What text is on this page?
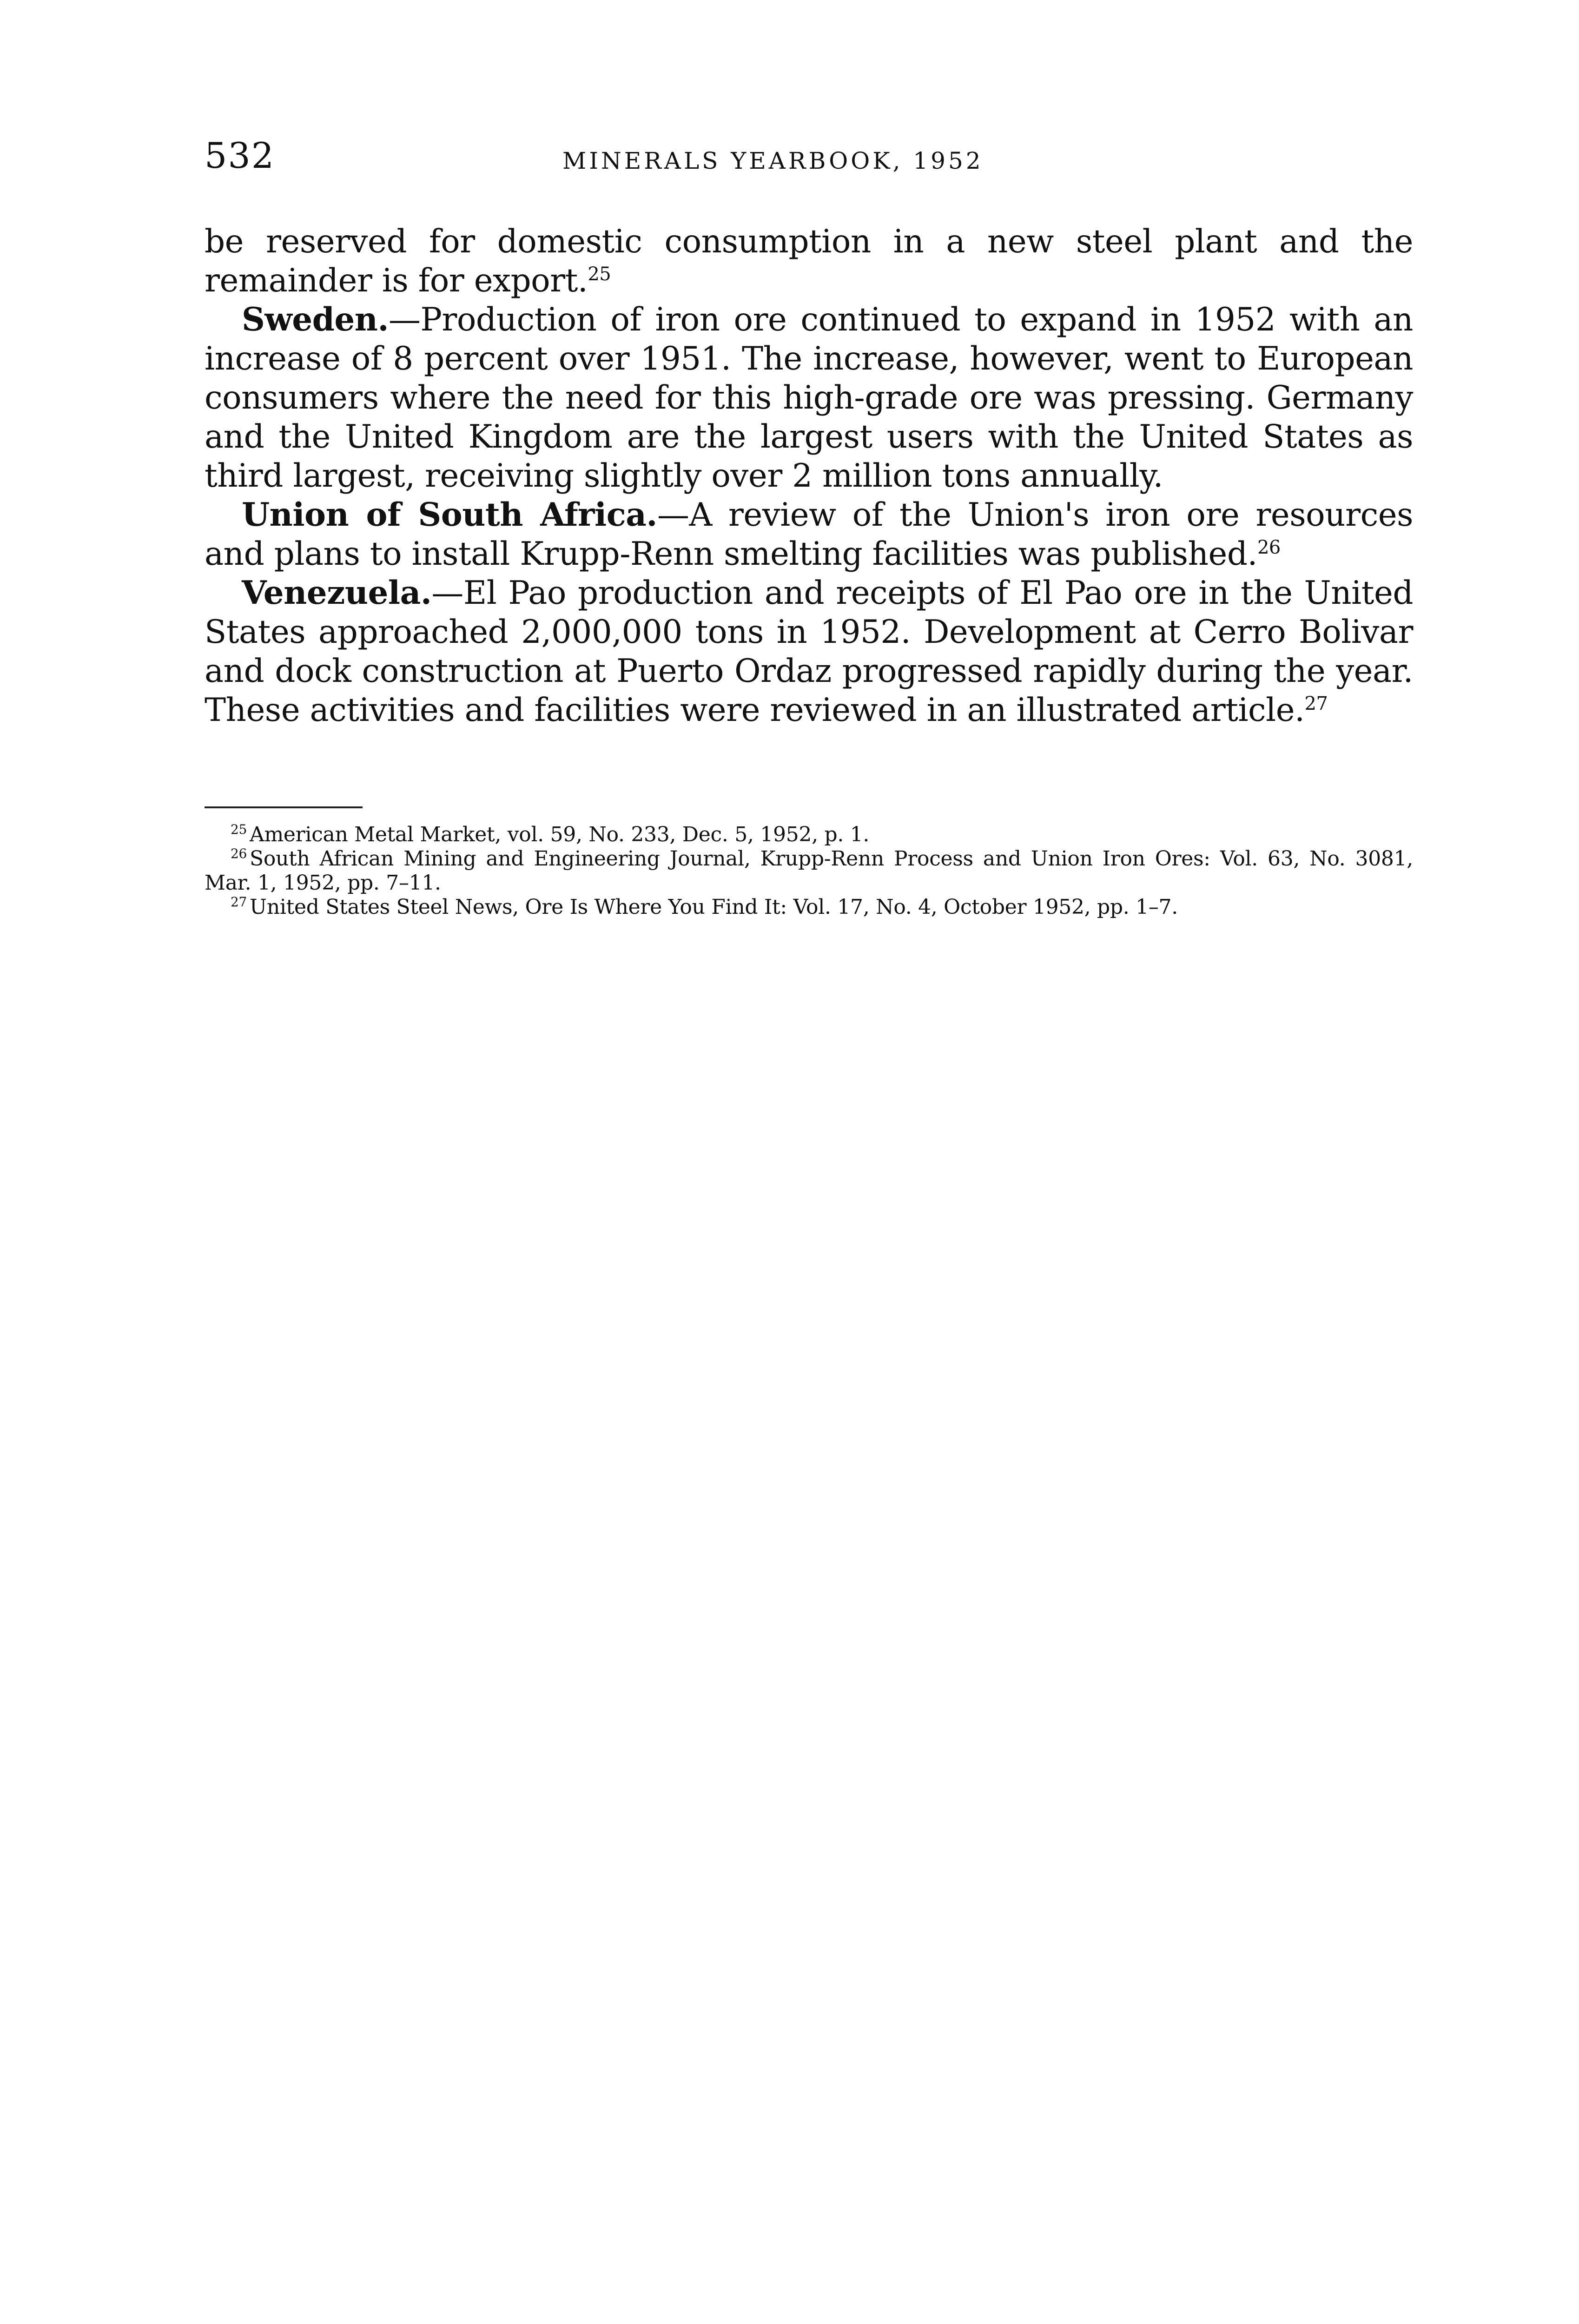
532	MINERALS YEARBOOK, 1952

be reserved for domestic consumption in a new steel plant and the remainder is for export.$^{25}$

Sweden.—Production of iron ore continued to expand in 1952 with an increase of 8 percent over 1951. The increase, however, went to European consumers where the need for this high-grade ore was pressing. Germany and the United Kingdom are the largest users with the United States as third largest, receiving slightly over 2 million tons annually.

Union of South Africa.—A review of the Union's iron ore resources and plans to install Krupp-Renn smelting facilities was published.$^{26}$

Venezuela.—El Pao production and receipts of El Pao ore in the United States approached 2,000,000 tons in 1952. Development at Cerro Bolivar and dock construction at Puerto Ordaz progressed rapidly during the year. These activities and facilities were reviewed in an illustrated article.$^{27}$

$^{25}$ American Metal Market, vol. 59, No. 233, Dec. 5, 1952, p. 1.

$^{26}$ South African Mining and Engineering Journal, Krupp-Renn Process and Union Iron Ores: Vol. 63, No. 3081, Mar. 1, 1952, pp. 7–11.

$^{27}$ United States Steel News, Ore Is Where You Find It: Vol. 17, No. 4, October 1952, pp. 1–7.
